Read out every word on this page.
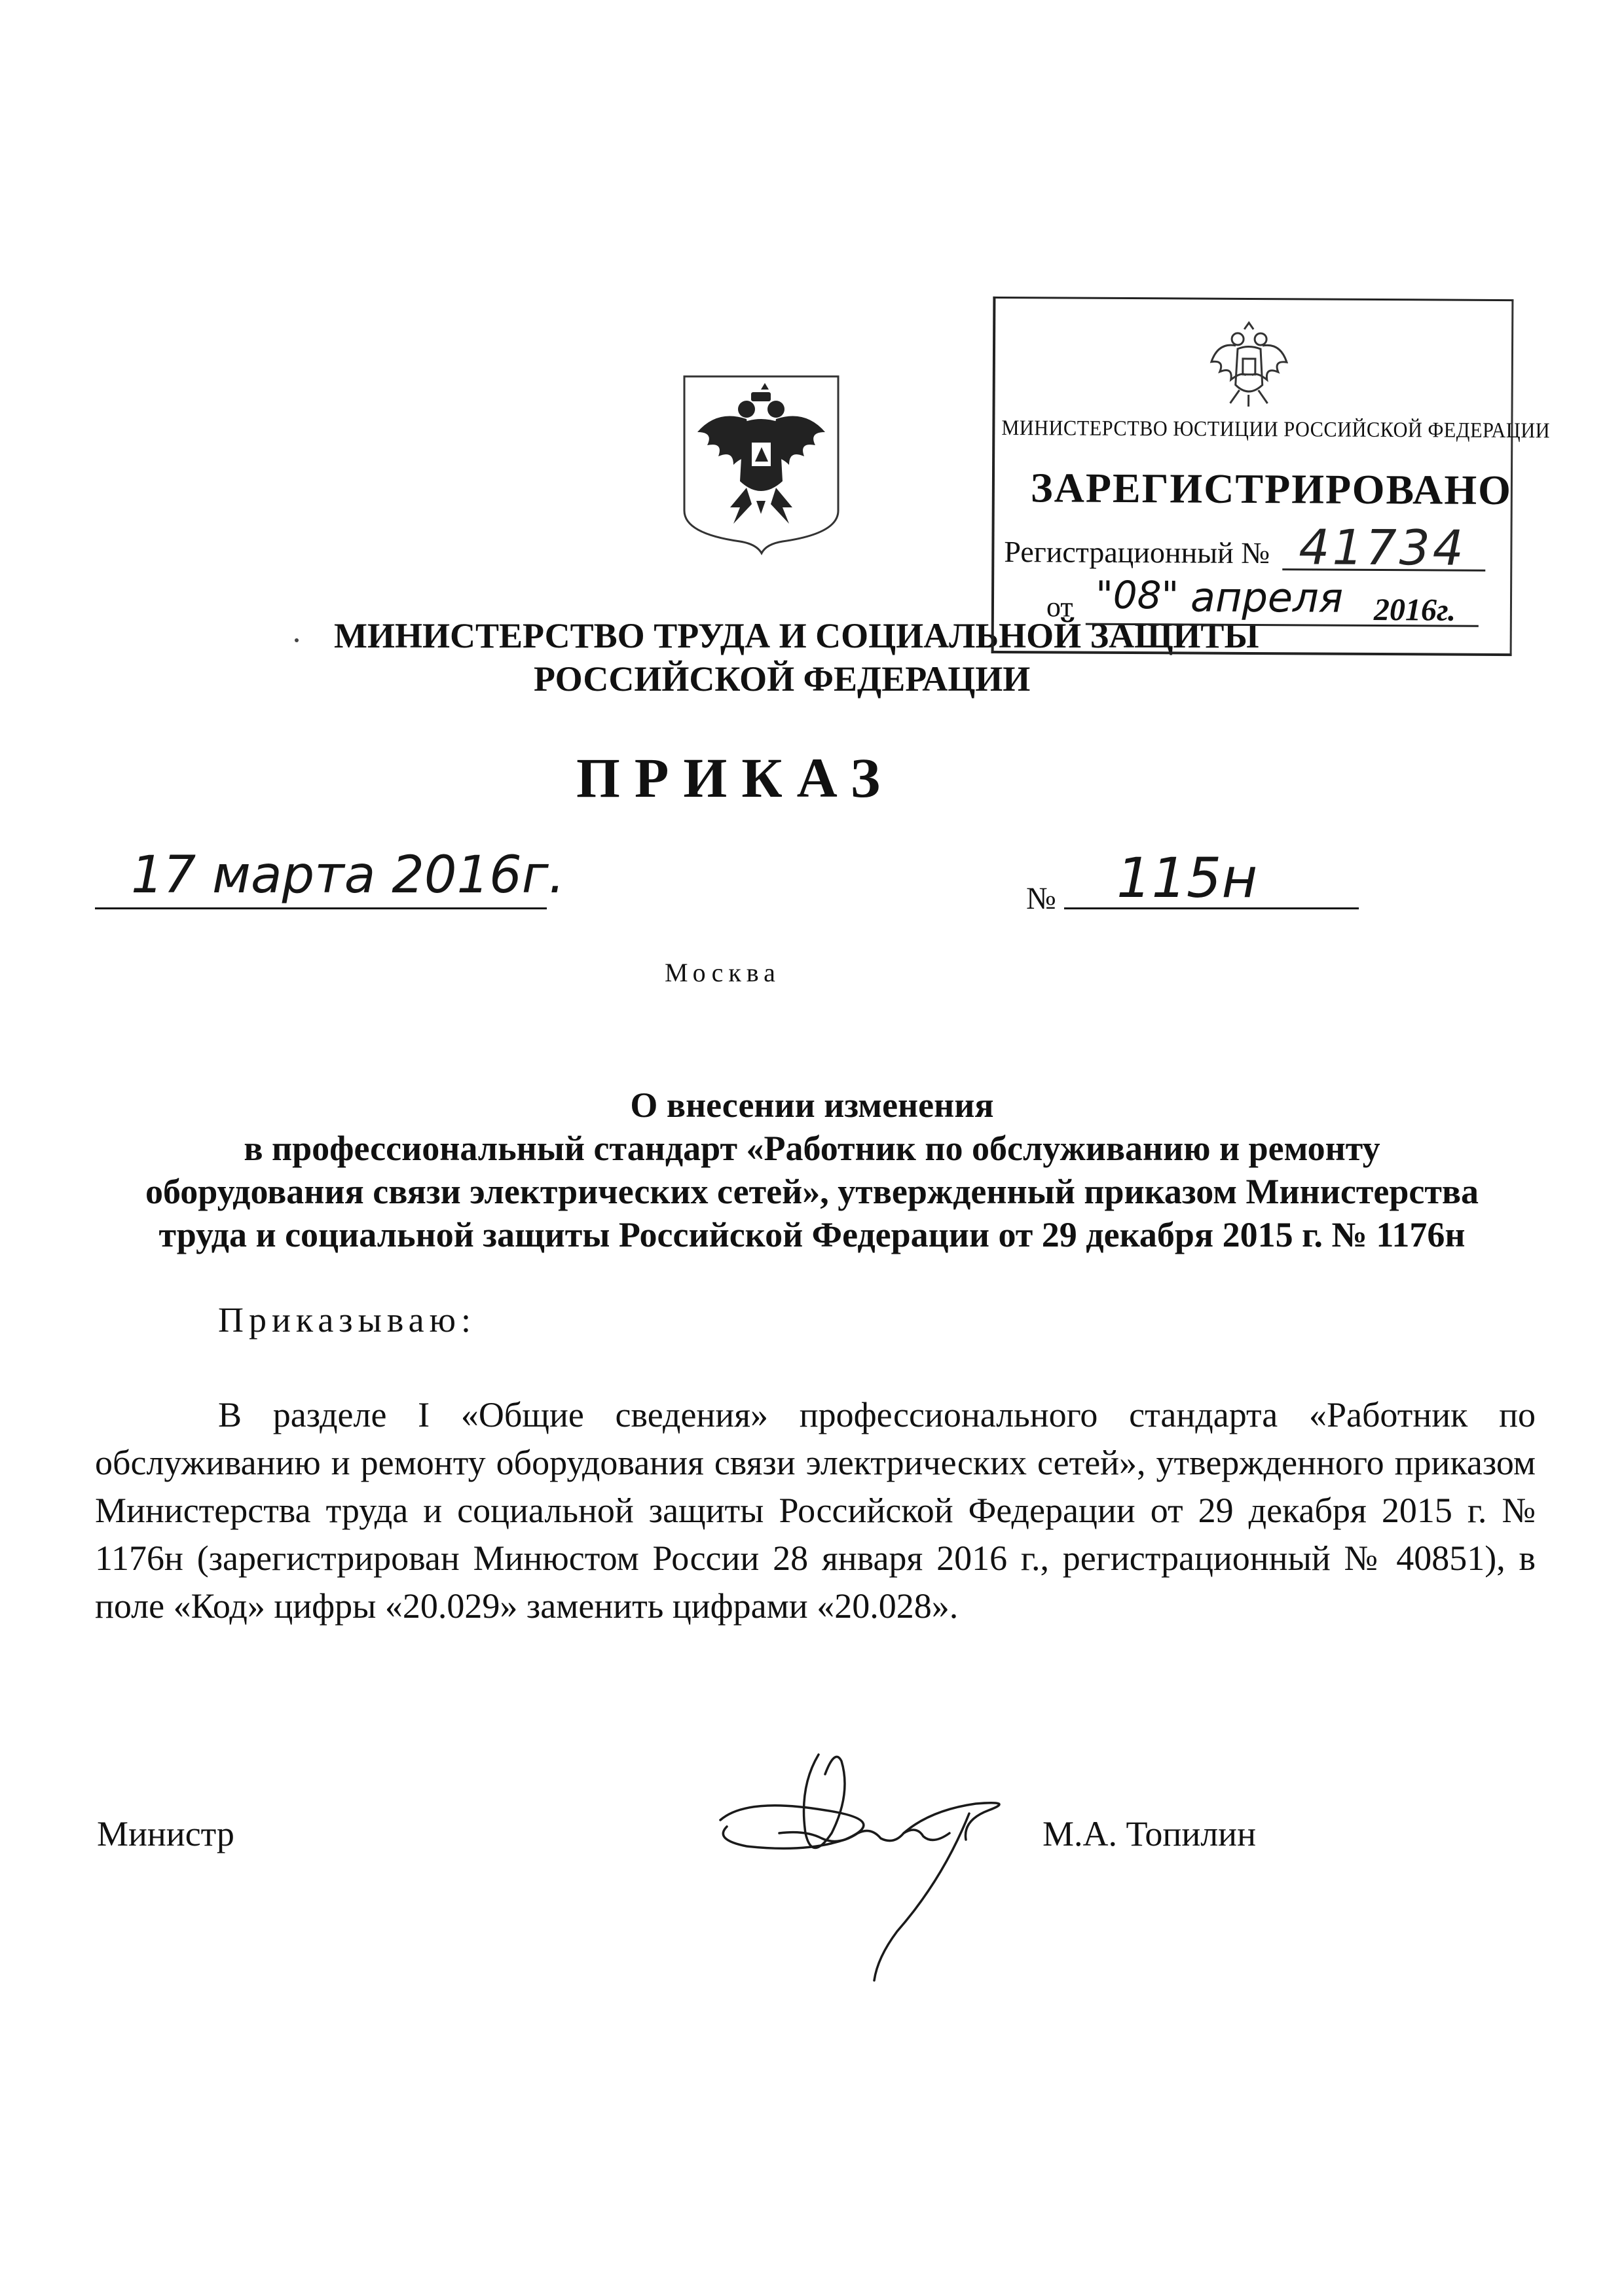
МИНИСТЕРСТВО ТРУДА И СОЦИАЛЬНОЙ ЗАЩИТЫ
РОССИЙСКОЙ ФЕДЕРАЦИИ
МИНИСТЕРСТВО ЮСТИЦИИ РОССИЙСКОЙ ФЕДЕРАЦИИ
ЗАРЕГИСТРИРОВАНО
Регистрационный № 41734
от "08" апреля 2016г.
ПРИКАЗ
17 марта 2016г.	№ 115н
Москва
О внесении изменения
в профессиональный стандарт «Работник по обслуживанию и ремонту
оборудования связи электрических сетей», утвержденный приказом Министерства
труда и социальной защиты Российской Федерации от 29 декабря 2015 г. № 1176н
Приказываю:
В разделе I «Общие сведения» профессионального стандарта «Работник по обслуживанию и ремонту оборудования связи электрических сетей», утвержденного приказом Министерства труда и социальной защиты Российской Федерации от 29 декабря 2015 г. № 1176н (зарегистрирован Минюстом России 28 января 2016 г., регистрационный № 40851), в поле «Код» цифры «20.029» заменить цифрами «20.028».
Министр	М.А. Топилин
